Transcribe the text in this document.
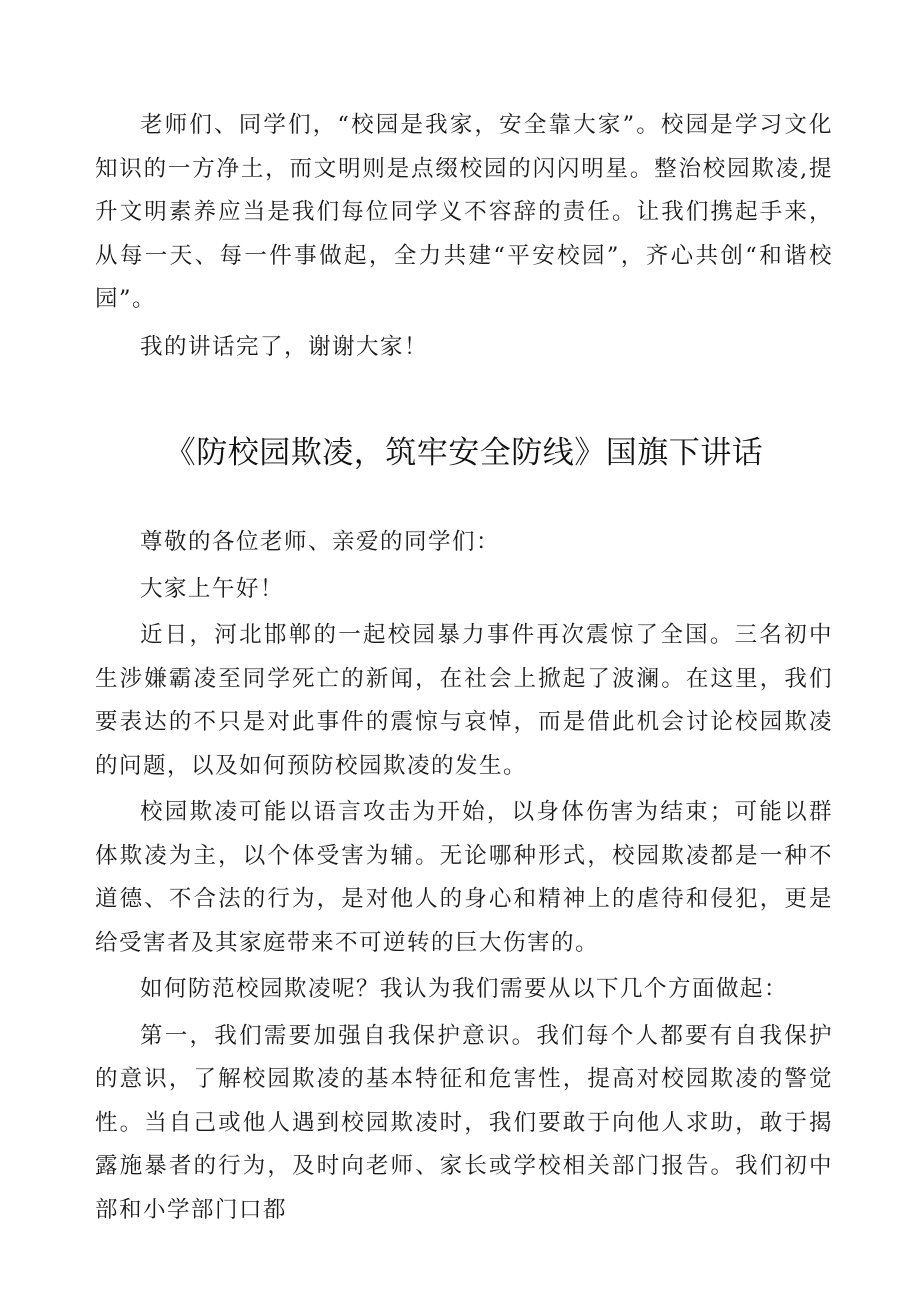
老师们、同学们，“校园是我家，安全靠大家”。校园是学习文化知识的一方净土，而文明则是点缀校园的闪闪明星。整治校园欺凌,提升文明素养应当是我们每位同学义不容辞的责任。让我们携起手来，从每一天、每一件事做起，全力共建“平安校园”，齐心共创“和谐校园”。

我的讲话完了，谢谢大家！

《防校园欺凌，筑牢安全防线》国旗下讲话

尊敬的各位老师、亲爱的同学们：

大家上午好！

近日，河北邯郸的一起校园暴力事件再次震惊了全国。三名初中生涉嫌霸凌至同学死亡的新闻，在社会上掀起了波澜。在这里，我们要表达的不只是对此事件的震惊与哀悼，而是借此机会讨论校园欺凌的问题，以及如何预防校园欺凌的发生。

校园欺凌可能以语言攻击为开始，以身体伤害为结束；可能以群体欺凌为主，以个体受害为辅。无论哪种形式，校园欺凌都是一种不道德、不合法的行为，是对他人的身心和精神上的虐待和侵犯，更是给受害者及其家庭带来不可逆转的巨大伤害的。

如何防范校园欺凌呢？我认为我们需要从以下几个方面做起：

第一，我们需要加强自我保护意识。我们每个人都要有自我保护的意识，了解校园欺凌的基本特征和危害性，提高对校园欺凌的警觉性。当自己或他人遇到校园欺凌时，我们要敢于向他人求助，敢于揭露施暴者的行为，及时向老师、家长或学校相关部门报告。我们初中部和小学部门口都
